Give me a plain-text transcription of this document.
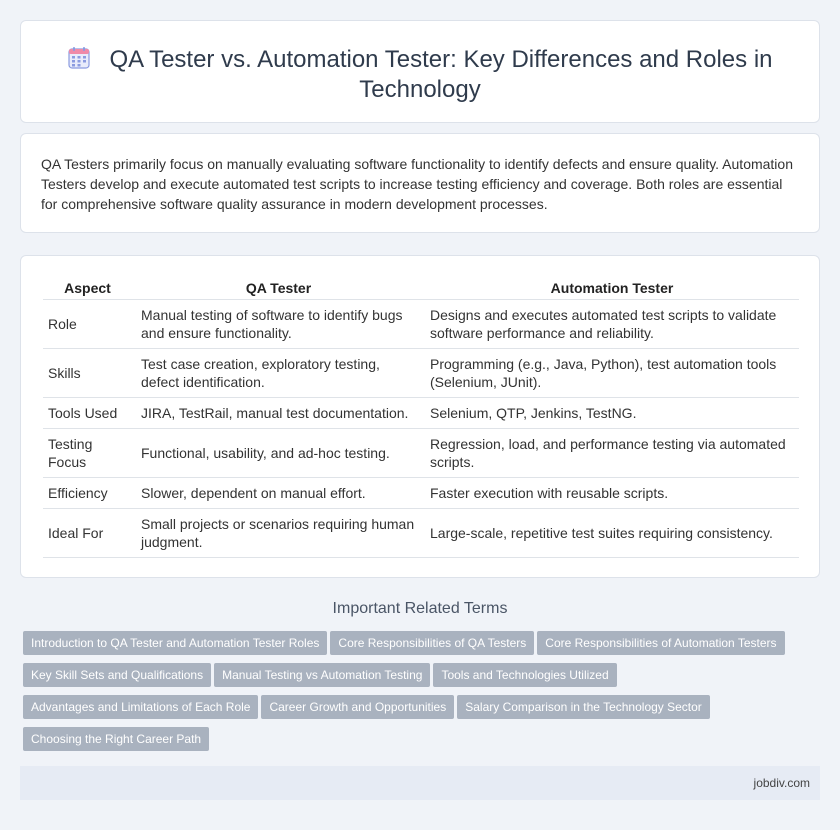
QA Tester vs. Automation Tester: Key Differences and Roles in Technology

QA Testers primarily focus on manually evaluating software functionality to identify defects and ensure quality. Automation Testers develop and execute automated test scripts to increase testing efficiency and coverage. Both roles are essential for comprehensive software quality assurance in modern development processes.

Aspect	QA Tester	Automation Tester
Role	Manual testing of software to identify bugs and ensure functionality.	Designs and executes automated test scripts to validate software performance and reliability.
Skills	Test case creation, exploratory testing, defect identification.	Programming (e.g., Java, Python), test automation tools (Selenium, JUnit).
Tools Used	JIRA, TestRail, manual test documentation.	Selenium, QTP, Jenkins, TestNG.
Testing Focus	Functional, usability, and ad-hoc testing.	Regression, load, and performance testing via automated scripts.
Efficiency	Slower, dependent on manual effort.	Faster execution with reusable scripts.
Ideal For	Small projects or scenarios requiring human judgment.	Large-scale, repetitive test suites requiring consistency.
Important Related Terms
Introduction to QA Tester and Automation Tester Roles Core Responsibilities of QA Testers Core Responsibilities of Automation Testers
Key Skill Sets and Qualifications Manual Testing vs Automation Testing Tools and Technologies Utilized
Advantages and Limitations of Each Role Career Growth and Opportunities Salary Comparison in the Technology Sector
Choosing the Right Career Path
jobdiv.com
